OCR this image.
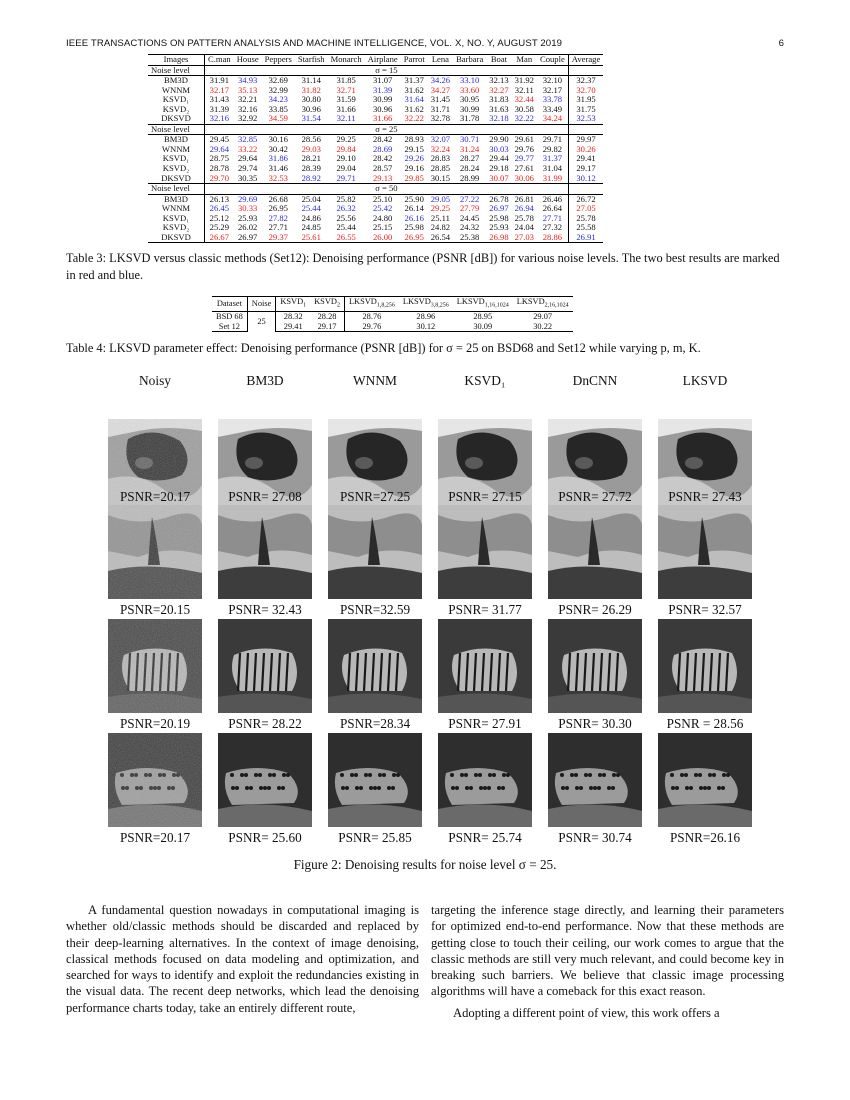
IEEE TRANSACTIONS ON PATTERN ANALYSIS AND MACHINE INTELLIGENCE, VOL. X, NO. Y, AUGUST 2019	6
Images	C.man	House	Peppers	Starfish	Monarch	Airplane	Parrot	Lena	Barbara	Boat	Man	Couple	Average
Noise level	σ = 15												
BM3D	31.91	34.93	32.69	31.14	31.85	31.07	31.37	34.26	33.10	32.13	31.92	32.10	32.37
WNNM	32.17	35.13	32.99	31.82	32.71	31.39	31.62	34.27	33.60	32.27	32.11	32.17	32.70
KSVD₁	31.43	32.21	34.23	30.80	31.59	30.99	31.64	31.45	30.95	31.83	32.44	33.78	31.95
KSVD₂	31.39	32.16	33.85	30.96	31.66	30.96	31.62	31.71	30.99	31.63	30.58	33.49	31.75
DKSVD	32.16	32.92	34.59	31.54	32.11	31.66	32.22	32.78	31.78	32.18	32.22	34.24	32.53
Noise level	σ = 25												
BM3D	29.45	32.85	30.16	28.56	29.25	28.42	28.93	32.07	30.71	29.90	29.61	29.71	29.97
WNNM	29.64	33.22	30.42	29.03	29.84	28.69	29.15	32.24	31.24	30.03	29.76	29.82	30.26
KSVD₁	28.75	29.64	31.86	28.21	29.10	28.42	29.26	28.83	28.27	29.44	29.77	31.37	29.41
KSVD₂	28.78	29.74	31.46	28.39	29.04	28.57	29.16	28.85	28.24	29.18	27.61	31.04	29.17
DKSVD	29.70	30.35	32.53	28.92	29.71	29.13	29.85	30.15	28.99	30.07	30.06	31.99	30.12
Noise level	σ = 50												
BM3D	26.13	29.69	26.68	25.04	25.82	25.10	25.90	29.05	27.22	26.78	26.81	26.46	26.72
WNNM	26.45	30.33	26.95	25.44	26.32	25.42	26.14	29.25	27.79	26.97	26.94	26.64	27.05
KSVD₁	25.12	25.93	27.82	24.86	25.56	24.80	26.16	25.11	24.45	25.98	25.78	27.71	25.78
KSVD₂	25.29	26.02	27.71	24.85	25.44	25.15	25.98	24.82	24.32	25.93	24.04	27.32	25.58
DKSVD	26.67	26.97	29.37	25.61	26.55	26.00	26.95	26.54	25.38	26.98	27.03	28.86	26.91
Table 3: LKSVD versus classic methods (Set12): Denoising performance (PSNR [dB]) for various noise levels. The two best results are marked in red and blue.
Dataset	Noise	$KSVD_1$	$KSVD_2$	$LKSVD_{1,8,256}$	$LKSVD_{3,8,256}$	$LKSVD_{1,16,1024}$	$LKSVD_{2,16,1024}$
BSD 68	25	28.32	28.28	28.76	28.96	28.95	29.07
Set 12		29.41	29.17	29.76	30.12	30.09	30.22
Table 4: LKSVD parameter effect: Denoising performance (PSNR [dB]) for σ = 25 on BSD68 and Set12 while varying p, m, K.
Noisy	BM3D	WNNM	KSVD₁	DnCNN	LKSVD
PSNR=20.17	PSNR= 27.08	PSNR=27.25	PSNR= 27.15	PSNR= 27.72	PSNR= 27.43
PSNR=20.15	PSNR= 32.43	PSNR=32.59	PSNR= 31.77	PSNR= 26.29	PSNR= 32.57
PSNR=20.19	PSNR= 28.22	PSNR=28.34	PSNR= 27.91	PSNR= 30.30	PSNR = 28.56
PSNR=20.17	PSNR= 25.60	PSNR= 25.85	PSNR= 25.74	PSNR= 30.74	PSNR=26.16
Figure 2: Denoising results for noise level σ = 25.

A fundamental question nowadays in computational imaging is whether old/classic methods should be discarded and replaced by their deep-learning alternatives. In the context of image denoising, classical methods focused on data modeling and optimization, and searched for ways to identify and exploit the redundancies existing in the visual data. The recent deep networks, which lead the denoising performance charts today, take an entirely different route,

targeting the inference stage directly, and learning their parameters for optimized end-to-end performance. Now that these methods are getting close to touch their ceiling, our work comes to argue that the classic methods are still very much relevant, and could become key in breaking such barriers. We believe that classic image processing algorithms will have a comeback for this exact reason.

Adopting a different point of view, this work offers a
